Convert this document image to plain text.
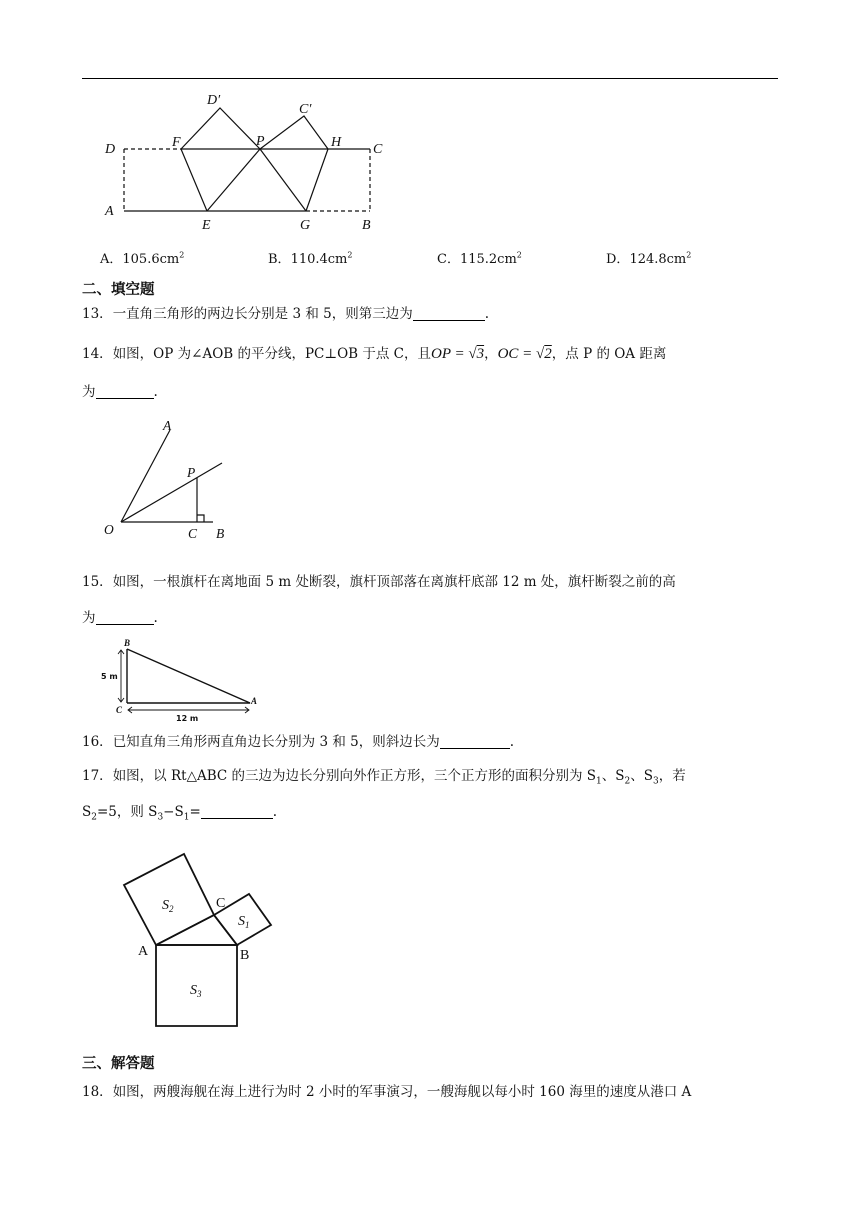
D′
C′
D	F	P	H C
A
E	G	B
A．$105.6cm^2$	B．$110.4cm^2$	C．$115.2cm^2$	D．$124.8cm^2$
二、填空题
13．一直角三角形的两边长分别是 3 和 5，则第三边为	.
14．如图，OP 为∠AOB 的平分线，PC⊥OB 于点 C，且OP = √3，OC = √2，点 P 的 OA 距离
为	.
A
P
O	C B
15．如图，一根旗杆在离地面 5 m 处断裂，旗杆顶部落在离旗杆底部 12 m 处，旗杆断裂之前的高
为	.
B
5 m
C
12 m
A
16．已知直角三角形两直角边长分别为 3 和 5，则斜边长为	.
17．如图，以 Rt△ABC 的三边为边长分别向外作正方形，三个正方形的面积分别为 $S_1$、$S_2$、$S_3$，若
$S_2=5$，则 $S_3-S_1=$	.
$S_2$
$S_1$
$S_3$
C
A	B
三、解答题
18．如图，两艘海舰在海上进行为时 2 小时的军事演习，一艘海舰以每小时 160 海里的速度从港口 A
